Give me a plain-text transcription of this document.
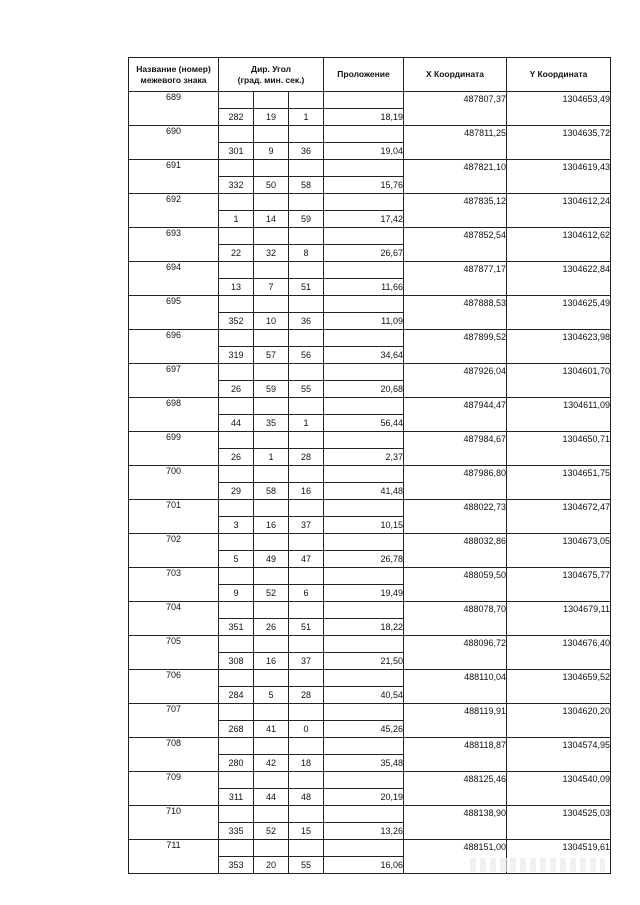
Название (номер)
межевого знака	Дир. Угол
(град. мин. сек.)			Проложение	X Координата	Y Координата
689					487807,37	1304653,49
	282	19	1	18,19		
690					487811,25	1304635,72
	301	9	36	19,04		
691					487821,10	1304619,43
	332	50	58	15,76		
692					487835,12	1304612,24
	1	14	59	17,42		
693					487852,54	1304612,62
	22	32	8	26,67		
694					487877,17	1304622,84
	13	7	51	11,66		
695					487888,53	1304625,49
	352	10	36	11,09		
696					487899,52	1304623,98
	319	57	56	34,64		
697					487926,04	1304601,70
	26	59	55	20,68		
698					487944,47	1304611,09
	44	35	1	56,44		
699					487984,67	1304650,71
	26	1	28	2,37		
700					487986,80	1304651,75
	29	58	16	41,48		
701					488022,73	1304672,47
	3	16	37	10,15		
702					488032,86	1304673,05
	5	49	47	26,78		
703					488059,50	1304675,77
	9	52	6	19,49		
704					488078,70	1304679,11
	351	26	51	18,22		
705					488096,72	1304676,40
	308	16	37	21,50		
706					488110,04	1304659,52
	284	5	28	40,54		
707					488119,91	1304620,20
	268	41	0	45,26		
708					488118,87	1304574,95
	280	42	18	35,48		
709					488125,46	1304540,09
	311	44	48	20,19		
710					488138,90	1304525,03
	335	52	15	13,26		
711					488151,00	1304519,61
	353	20	55	16,06		
